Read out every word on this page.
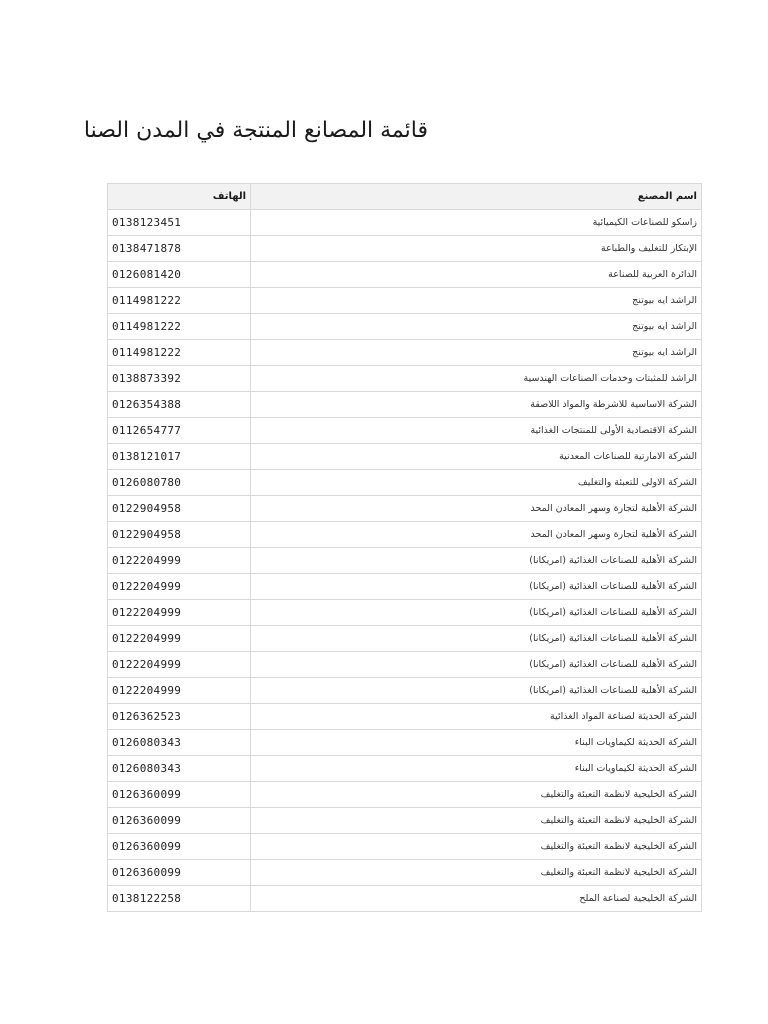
قائمة المصانع المنتجة في المدن الصنا
الهاتف	اسم المصنع
0138123451	زاسكو للصناعات الكيميائية
0138471878	الإبتكار للتغليف والطباعة
0126081420	الدائرة العربية للصناعة
0114981222	الراشد ايه بيوتنج
0114981222	الراشد ايه بيوتنج
0114981222	الراشد ايه بيوتنج
0138873392	الراشد للمثبتات وخدمات الصناعات الهندسية
0126354388	الشركة الاساسية للاشرطة والمواد اللاصقة
0112654777	الشركة الاقتصادية الأولى للمنتجات الغذائية
0138121017	الشركة الامارتية للصناعات المعدنية
0126080780	الشركة الاولى للتعبئة والتغليف
0122904958	الشركة الأهلية لتجارة وسهر المعادن المحد
0122904958	الشركة الأهلية لتجارة وسهر المعادن المحد
0122204999	الشركة الأهلية للصناعات الغذائية (امريكانا)
0122204999	الشركة الأهلية للصناعات الغذائية (امريكانا)
0122204999	الشركة الأهلية للصناعات الغذائية (امريكانا)
0122204999	الشركة الأهلية للصناعات الغذائية (امريكانا)
0122204999	الشركة الأهلية للصناعات الغذائية (امريكانا)
0122204999	الشركة الأهلية للصناعات الغذائية (امريكانا)
0126362523	الشركة الحديثة لصناعة المواد الغذائية
0126080343	الشركة الحديثة لكيماويات البناء
0126080343	الشركة الحديثة لكيماويات البناء
0126360099	الشركة الخليجية لانظمة التعبئة والتغليف
0126360099	الشركة الخليجية لانظمة التعبئة والتغليف
0126360099	الشركة الخليجية لانظمة التعبئة والتغليف
0126360099	الشركة الخليجية لانظمة التعبئة والتغليف
0138122258	الشركة الخليجية لصناعة الملح
